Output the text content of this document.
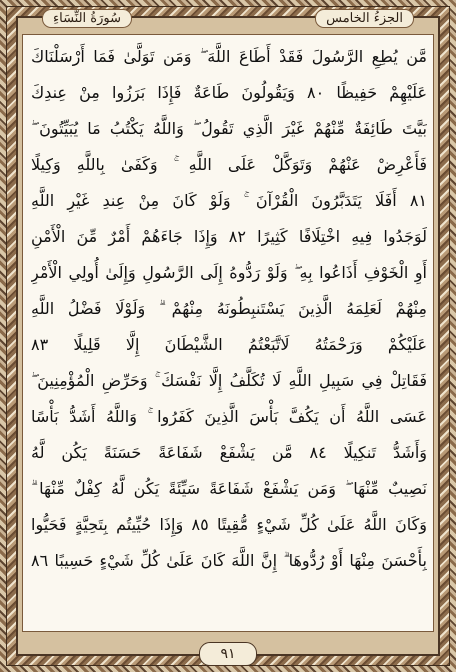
سُورَةُ النِّسَاءِ	الجزءُ الخامس
مَّن يُطِعِ الرَّسُولَ فَقَدْ أَطَاعَ اللَّهَ ۖ وَمَن تَوَلَّىٰ فَمَا أَرْسَلْنَاكَ
عَلَيْهِمْ حَفِيظًا ٨٠ وَيَقُولُونَ طَاعَةٌ فَإِذَا بَرَزُوا مِنْ عِندِكَ
بَيَّتَ طَائِفَةٌ مِّنْهُمْ غَيْرَ الَّذِي تَقُولُ ۖ وَاللَّهُ يَكْتُبُ مَا يُبَيِّتُونَ ۖ
فَأَعْرِضْ عَنْهُمْ وَتَوَكَّلْ عَلَى اللَّهِ ۚ وَكَفَىٰ بِاللَّهِ وَكِيلًا
٨١ أَفَلَا يَتَدَبَّرُونَ الْقُرْآنَ ۚ وَلَوْ كَانَ مِنْ عِندِ غَيْرِ اللَّهِ
لَوَجَدُوا فِيهِ اخْتِلَافًا كَثِيرًا ٨٢ وَإِذَا جَاءَهُمْ أَمْرٌ مِّنَ الْأَمْنِ
أَوِ الْخَوْفِ أَذَاعُوا بِهِ ۖ وَلَوْ رَدُّوهُ إِلَى الرَّسُولِ وَإِلَىٰ أُولِي الْأَمْرِ
مِنْهُمْ لَعَلِمَهُ الَّذِينَ يَسْتَنبِطُونَهُ مِنْهُمْ ۗ وَلَوْلَا فَضْلُ اللَّهِ
عَلَيْكُمْ وَرَحْمَتُهُ لَاتَّبَعْتُمُ الشَّيْطَانَ إِلَّا قَلِيلًا ٨٣
فَقَاتِلْ فِي سَبِيلِ اللَّهِ لَا تُكَلَّفُ إِلَّا نَفْسَكَ ۚ وَحَرِّضِ الْمُؤْمِنِينَ ۖ
عَسَى اللَّهُ أَن يَكُفَّ بَأْسَ الَّذِينَ كَفَرُوا ۚ وَاللَّهُ أَشَدُّ بَأْسًا
وَأَشَدُّ تَنكِيلًا ٨٤ مَّن يَشْفَعْ شَفَاعَةً حَسَنَةً يَكُن لَّهُ
نَصِيبٌ مِّنْهَا ۖ وَمَن يَشْفَعْ شَفَاعَةً سَيِّئَةً يَكُن لَّهُ كِفْلٌ مِّنْهَا ۗ
وَكَانَ اللَّهُ عَلَىٰ كُلِّ شَيْءٍ مُّقِيتًا ٨٥ وَإِذَا حُيِّيتُم بِتَحِيَّةٍ فَحَيُّوا
بِأَحْسَنَ مِنْهَا أَوْ رُدُّوهَا ۗ إِنَّ اللَّهَ كَانَ عَلَىٰ كُلِّ شَيْءٍ حَسِيبًا ٨٦
٩١
